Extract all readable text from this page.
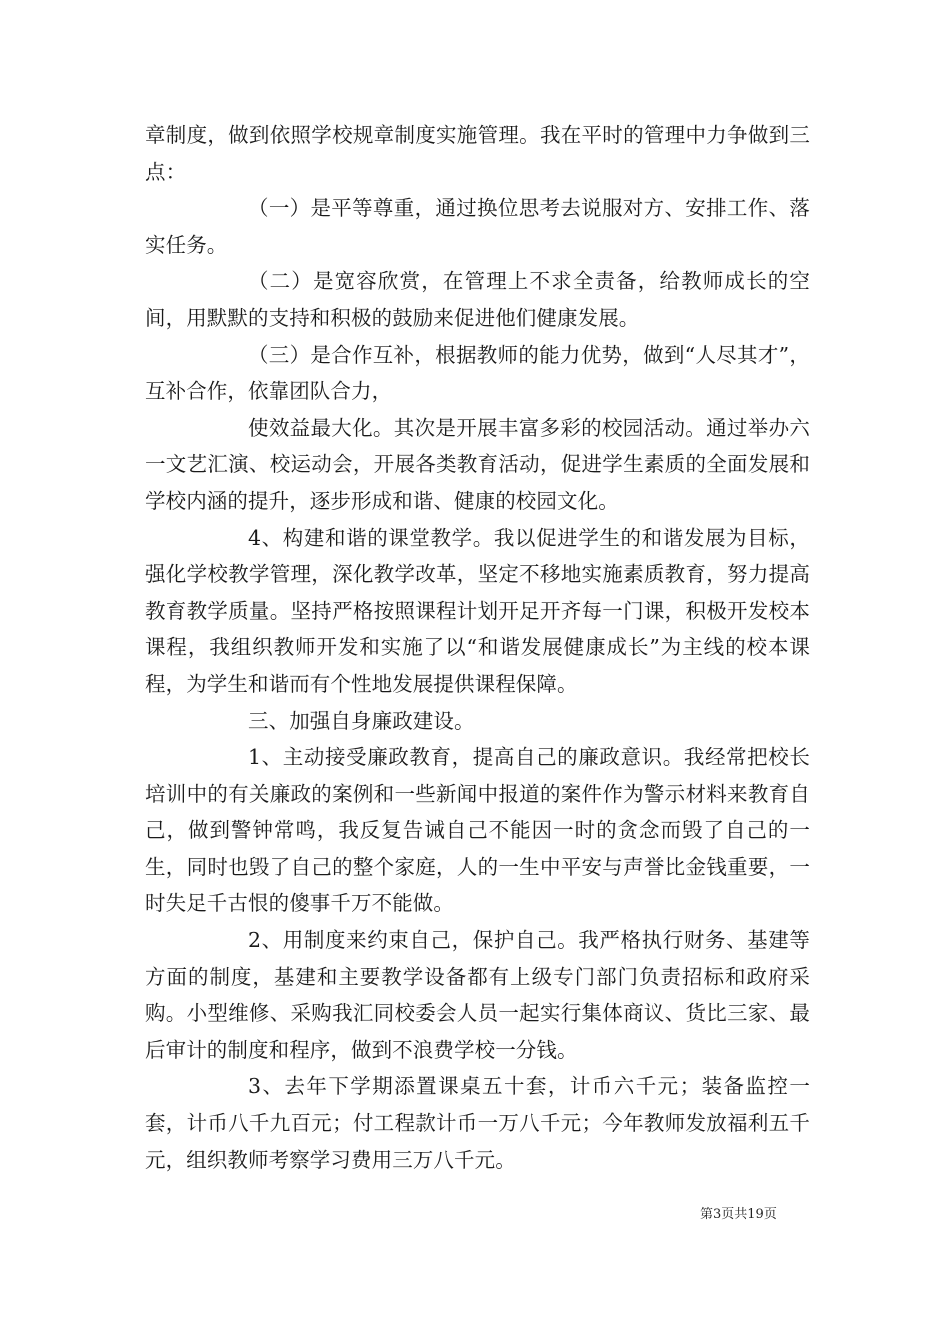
章制度，做到依照学校规章制度实施管理。我在平时的管理中力争做到三点：

（一）是平等尊重，通过换位思考去说服对方、安排工作、落实任务。

（二）是宽容欣赏，在管理上不求全责备，给教师成长的空间，用默默的支持和积极的鼓励来促进他们健康发展。

（三）是合作互补，根据教师的能力优势，做到“人尽其才”，互补合作，依靠团队合力，

使效益最大化。其次是开展丰富多彩的校园活动。通过举办六一文艺汇演、校运动会，开展各类教育活动，促进学生素质的全面发展和学校内涵的提升，逐步形成和谐、健康的校园文化。

4、构建和谐的课堂教学。我以促进学生的和谐发展为目标，强化学校教学管理，深化教学改革，坚定不移地实施素质教育，努力提高教育教学质量。坚持严格按照课程计划开足开齐每一门课，积极开发校本课程，我组织教师开发和实施了以“和谐发展健康成长”为主线的校本课程，为学生和谐而有个性地发展提供课程保障。

三、加强自身廉政建设。

1、主动接受廉政教育，提高自己的廉政意识。我经常把校长培训中的有关廉政的案例和一些新闻中报道的案件作为警示材料来教育自己，做到警钟常鸣，我反复告诫自己不能因一时的贪念而毁了自己的一生，同时也毁了自己的整个家庭，人的一生中平安与声誉比金钱重要，一时失足千古恨的傻事千万不能做。

2、用制度来约束自己，保护自己。我严格执行财务、基建等方面的制度，基建和主要教学设备都有上级专门部门负责招标和政府采购。小型维修、采购我汇同校委会人员一起实行集体商议、货比三家、最后审计的制度和程序，做到不浪费学校一分钱。

3、去年下学期添置课桌五十套，计币六千元；装备监控一套，计币八千九百元；付工程款计币一万八千元；今年教师发放福利五千元，组织教师考察学习费用三万八千元。

第3页共19页
